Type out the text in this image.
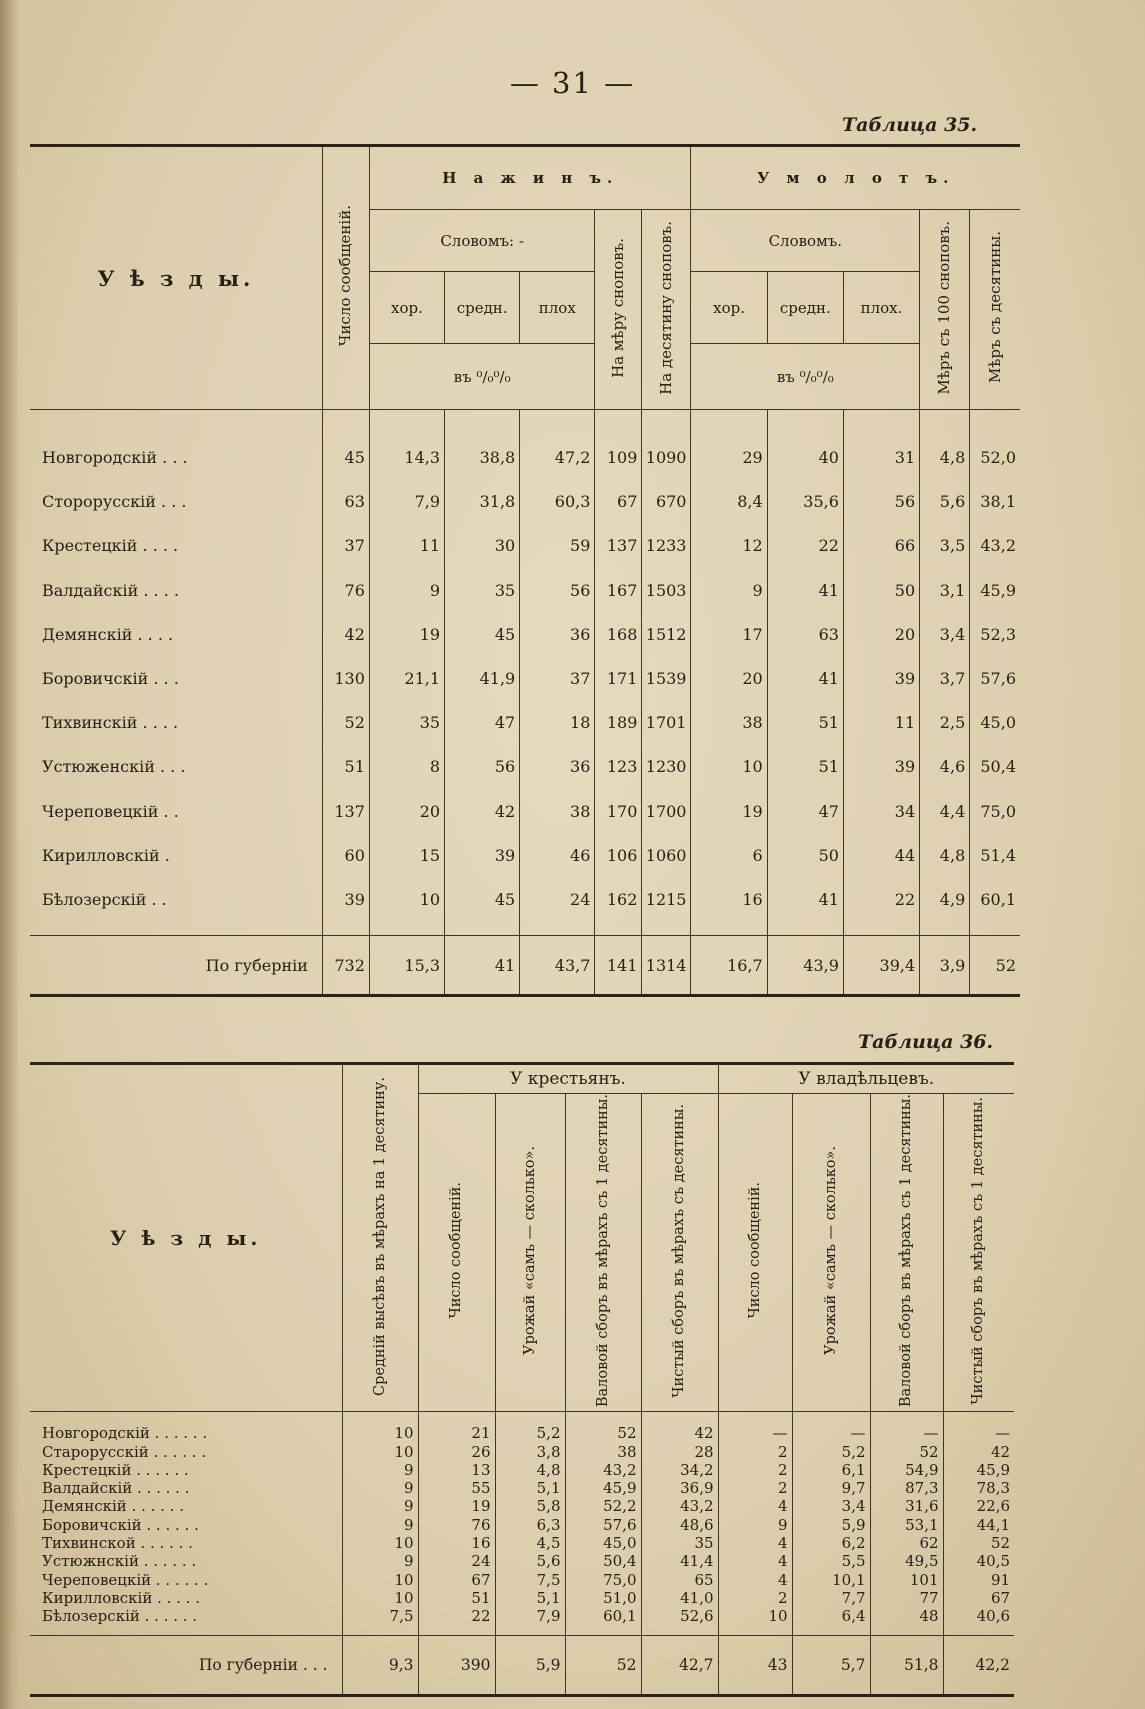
— 31 —
Таблица 35.
У ѣ з д ы.	Число сообщеній.	Н а ж и н ъ.					У м о л о т ъ.				
		Словомъ: -			На мѣру сноповъ.	На десятину сноповъ.	Словомъ.			Мѣръ съ 100 сноповъ.	Мѣръ съ десятины.
		хор.	средн.	плох			хор.	средн.	плох.		
		въ ⁰/₀⁰/₀					въ ⁰/₀⁰/₀				

Новгородскій . . .	45	14,3	38,8	47,2	109	1090	29	40	31	4,8	52,0
Сторорусскій . . .	63	7,9	31,8	60,3	67	670	8,4	35,6	56	5,6	38,1
Крестецкій . . . .	37	11	30	59	137	1233	12	22	66	3,5	43,2
Валдайскій . . . .	76	9	35	56	167	1503	9	41	50	3,1	45,9
Демянскій . . . .	42	19	45	36	168	1512	17	63	20	3,4	52,3
Боровичскій . . .	130	21,1	41,9	37	171	1539	20	41	39	3,7	57,6
Тихвинскій . . . .	52	35	47	18	189	1701	38	51	11	2,5	45,0
Устюженскій . . .	51	8	56	36	123	1230	10	51	39	4,6	50,4
Череповецкій . .	137	20	42	38	170	1700	19	47	34	4,4	75,0
Кирилловскій .	60	15	39	46	106	1060	6	50	44	4,8	51,4
Бѣлозерскій . .	39	10	45	24	162	1215	16	41	22	4,9	60,1

По губерніи	732	15,3	41	43,7	141	1314	16,7	43,9	39,4	3,9	52
Таблица 36.
У ѣ з д ы.	Средній высѣвъ въ мѣрахъ на 1 десятину.	У крестьянъ.				У владѣльцевъ.			
		Число сообщеній.	Урожай «самъ — сколько».	Валовой сборъ въ мѣрахъ съ 1 десятины.	Чистый сборъ въ мѣрахъ съ десятины.	Число сообщеній.	Урожай «самъ — сколько».	Валовой сборъ въ мѣрахъ съ 1 десятины.	Чистый сборъ въ мѣрахъ съ 1 десятины.

Новгородскій . . . . . .	10	21	5,2	52	42	—	—	—	—
Старорусскій . . . . . .	10	26	3,8	38	28	2	5,2	52	42
Крестецкій . . . . . .	9	13	4,8	43,2	34,2	2	6,1	54,9	45,9
Валдайскій . . . . . .	9	55	5,1	45,9	36,9	2	9,7	87,3	78,3
Демянскій . . . . . .	9	19	5,8	52,2	43,2	4	3,4	31,6	22,6
Боровичскій . . . . . .	9	76	6,3	57,6	48,6	9	5,9	53,1	44,1
Тихвинской . . . . . .	10	16	4,5	45,0	35	4	6,2	62	52
Устюжнскій . . . . . .	9	24	5,6	50,4	41,4	4	5,5	49,5	40,5
Череповецкій . . . . . .	10	67	7,5	75,0	65	4	10,1	101	91
Кирилловскій . . . . .	10	51	5,1	51,0	41,0	2	7,7	77	67
Бѣлозерскій . . . . . .	7,5	22	7,9	60,1	52,6	10	6,4	48	40,6

По губерніи . . .	9,3	390	5,9	52	42,7	43	5,7	51,8	42,2
